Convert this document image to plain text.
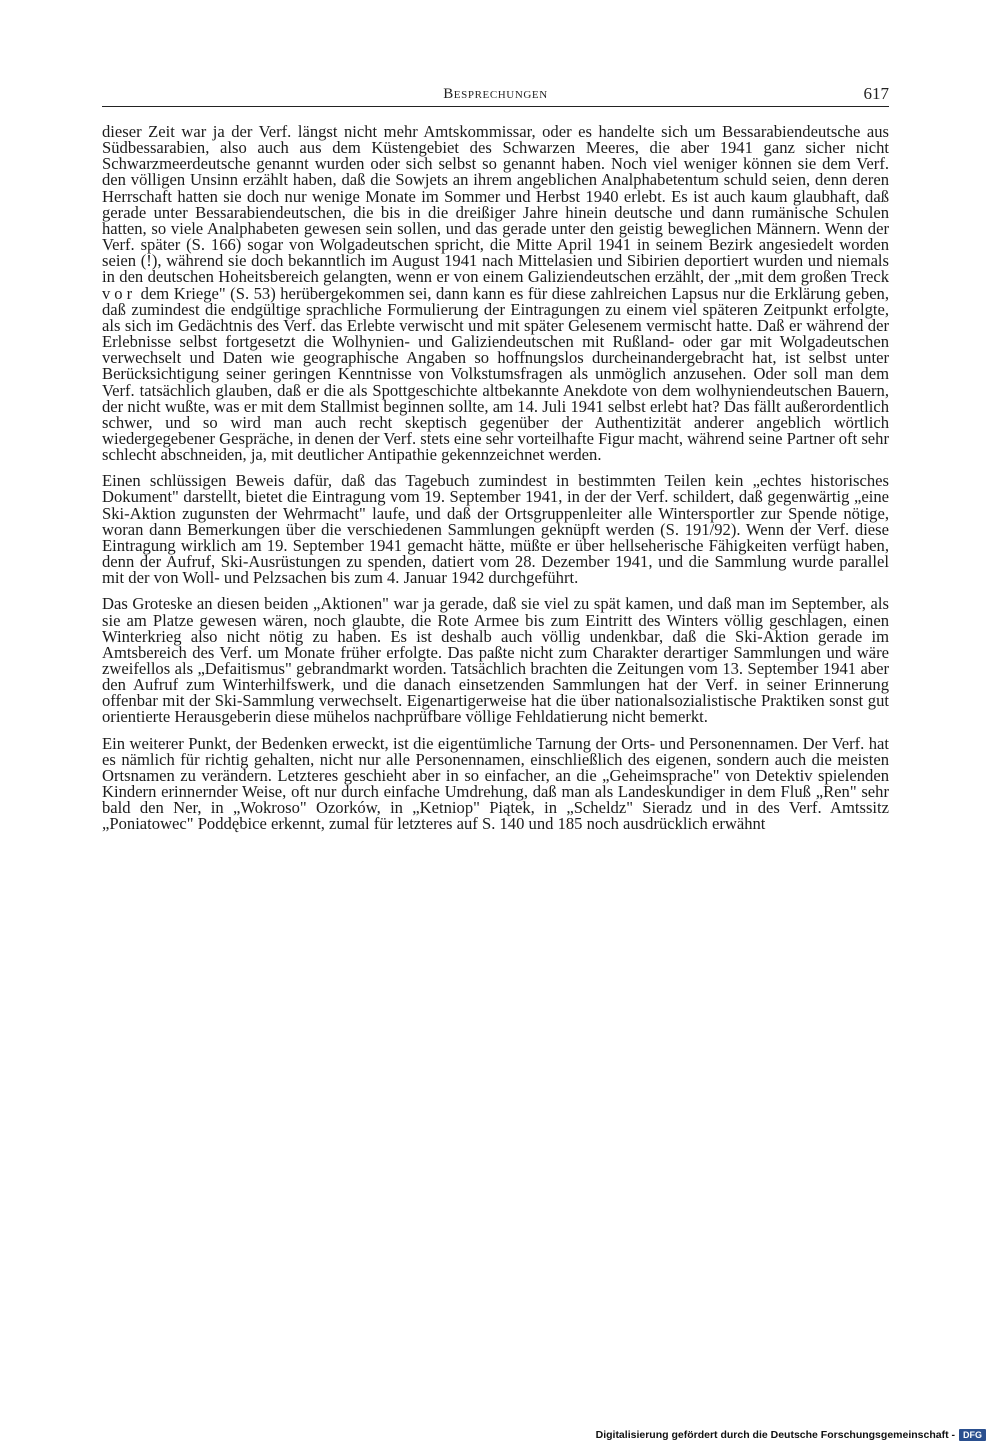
Besprechungen	617

dieser Zeit war ja der Verf. längst nicht mehr Amtskommissar, oder es handelte sich um Bessarabiendeutsche aus Südbessarabien, also auch aus dem Küstengebiet des Schwarzen Meeres, die aber 1941 ganz sicher nicht Schwarzmeerdeutsche genannt wurden oder sich selbst so genannt haben. Noch viel weniger können sie dem Verf. den völligen Unsinn erzählt haben, daß die Sowjets an ihrem angeblichen Analphabetentum schuld seien, denn deren Herrschaft hatten sie doch nur wenige Monate im Sommer und Herbst 1940 erlebt. Es ist auch kaum glaubhaft, daß gerade unter Bessarabiendeutschen, die bis in die dreißiger Jahre hinein deutsche und dann rumänische Schulen hatten, so viele Analphabeten gewesen sein sollen, und das gerade unter den geistig beweglichen Männern. Wenn der Verf. später (S. 166) sogar von Wolgadeutschen spricht, die Mitte April 1941 in seinem Bezirk angesiedelt worden seien (!), während sie doch bekanntlich im August 1941 nach Mittelasien und Sibirien deportiert wurden und niemals in den deutschen Hoheitsbereich gelangten, wenn er von einem Galiziendeutschen erzählt, der „mit dem großen Treck vor dem Kriege" (S. 53) herübergekommen sei, dann kann es für diese zahlreichen Lapsus nur die Erklärung geben, daß zumindest die endgültige sprachliche Formulierung der Eintragungen zu einem viel späteren Zeitpunkt erfolgte, als sich im Gedächtnis des Verf. das Erlebte verwischt und mit später Gelesenem vermischt hatte. Daß er während der Erlebnisse selbst fortgesetzt die Wolhynien- und Galiziendeutschen mit Rußland- oder gar mit Wolgadeutschen verwechselt und Daten wie geographische Angaben so hoffnungslos durcheinandergebracht hat, ist selbst unter Berücksichtigung seiner geringen Kenntnisse von Volkstumsfragen als unmöglich anzusehen. Oder soll man dem Verf. tatsächlich glauben, daß er die als Spottgeschichte altbekannte Anekdote von dem wolhyniendeutschen Bauern, der nicht wußte, was er mit dem Stallmist beginnen sollte, am 14. Juli 1941 selbst erlebt hat? Das fällt außerordentlich schwer, und so wird man auch recht skeptisch gegenüber der Authentizität anderer angeblich wörtlich wiedergegebener Gespräche, in denen der Verf. stets eine sehr vorteilhafte Figur macht, während seine Partner oft sehr schlecht abschneiden, ja, mit deutlicher Antipathie gekennzeichnet werden.

Einen schlüssigen Beweis dafür, daß das Tagebuch zumindest in bestimmten Teilen kein „echtes historisches Dokument" darstellt, bietet die Eintragung vom 19. September 1941, in der der Verf. schildert, daß gegenwärtig „eine Ski-Aktion zugunsten der Wehrmacht" laufe, und daß der Ortsgruppenleiter alle Wintersportler zur Spende nötige, woran dann Bemerkungen über die verschiedenen Sammlungen geknüpft werden (S. 191/92). Wenn der Verf. diese Eintragung wirklich am 19. September 1941 gemacht hätte, müßte er über hellseherische Fähigkeiten verfügt haben, denn der Aufruf, Ski-Ausrüstungen zu spenden, datiert vom 28. Dezember 1941, und die Sammlung wurde parallel mit der von Woll- und Pelzsachen bis zum 4. Januar 1942 durchgeführt.

Das Groteske an diesen beiden „Aktionen" war ja gerade, daß sie viel zu spät kamen, und daß man im September, als sie am Platze gewesen wären, noch glaubte, die Rote Armee bis zum Eintritt des Winters völlig geschlagen, einen Winterkrieg also nicht nötig zu haben. Es ist deshalb auch völlig undenkbar, daß die Ski-Aktion gerade im Amtsbereich des Verf. um Monate früher erfolgte. Das paßte nicht zum Charakter derartiger Sammlungen und wäre zweifellos als „Defaitismus" gebrandmarkt worden. Tatsächlich brachten die Zeitungen vom 13. September 1941 aber den Aufruf zum Winterhilfswerk, und die danach einsetzenden Sammlungen hat der Verf. in seiner Erinnerung offenbar mit der Ski-Sammlung verwechselt. Eigenartigerweise hat die über nationalsozialistische Praktiken sonst gut orientierte Herausgeberin diese mühelos nachprüfbare völlige Fehldatierung nicht bemerkt.

Ein weiterer Punkt, der Bedenken erweckt, ist die eigentümliche Tarnung der Orts- und Personennamen. Der Verf. hat es nämlich für richtig gehalten, nicht nur alle Personennamen, einschließlich des eigenen, sondern auch die meisten Ortsnamen zu verändern. Letzteres geschieht aber in so einfacher, an die „Geheimsprache" von Detektiv spielenden Kindern erinnernder Weise, oft nur durch einfache Umdrehung, daß man als Landeskundiger in dem Fluß „Ren" sehr bald den Ner, in „Wokroso" Ozorków, in „Ketniop" Piątek, in „Scheldz" Sieradz und in des Verf. Amtssitz „Poniatowec" Poddębice erkennt, zumal für letzteres auf S. 140 und 185 noch ausdrücklich erwähnt

Digitalisierung gefördert durch die Deutsche Forschungsgemeinschaft - DFG
